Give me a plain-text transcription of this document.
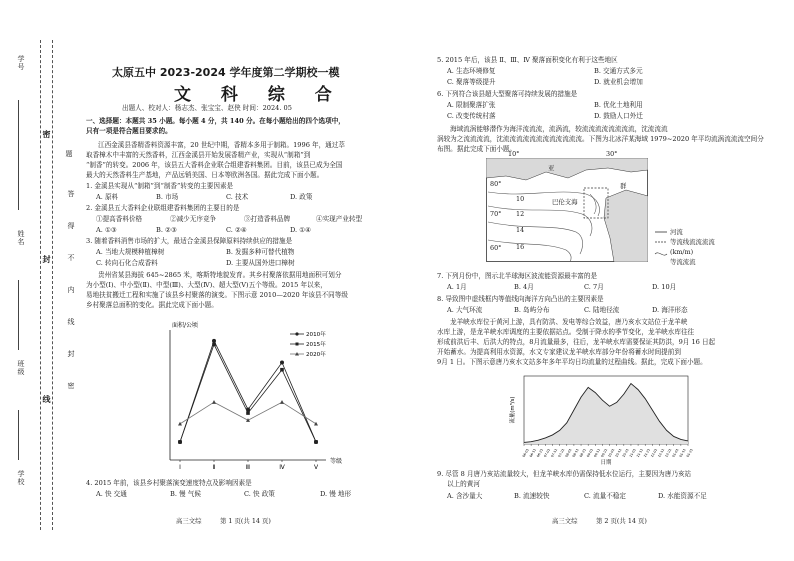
学号
姓名
班级
学校
密
封
线
题
答
得
不
内
线
封
密
太原五中 2023-2024 学年度第二学期校一模
文 科 综 合
出题人、校对人：杨志杰、张宝宝、赵侠 时间：2024. 05
一、选择题：本题共 35 小题。每小题 4 分，共 140 分。在每小题给出的四个选项中，
只有一项是符合题目要求的。
江西金溪县香精香料资源丰富，20 世纪中期，香精本多用于制箱。1996 年，通过萃
取香樟木中丰富的天然香料，江西金溪县开始发展香精产业，实现从“制箱”到
“制香”的转变。2006 年，该县五大香料企业联合组建香料集团。目前，该县已成为全国
最大的天然香料生产基地，产品远销美国、日本等欧洲各国。据此完成下面小题。
1. 金溪县实现从“制箱”到“制香”转变的主要因素是
A. 原料	B. 市场	C. 技术	D. 政策
2. 金溪县五大香料企业联组建香料集团的主要目的是
①提高香料价格	②减少无序竞争	③打造香料品牌	④实现产业转型
A. ①③	B. ②③	C. ②④	D. ①④
3. 随着香料消售市场的扩大，最适合金溪县保障原料持续供应的措施是
A. 当地大规模种植樟树	B. 发掘多种可替代植物
C. 转向石化合成香料	D. 主要从国外进口樟树
贵州省某县海拔 645~2865 米，喀斯特地貌发育。其乡村聚落依据用地面积可划分
为小型(Ⅰ)、中小型(Ⅱ)、中型(Ⅲ)、大型(Ⅳ)、超大型(Ⅴ)五个等级。2015 年以来，
易地扶贫搬迁工程和实施了该县乡村聚落的演变。下图示意 2010—2020 年该县不同等级
乡村聚落总面积的变化。据此完成下面小题。
面积/公顷
等级
Ⅰ	Ⅱ	Ⅲ	Ⅳ	Ⅴ
2010年
2015年
2020年
4. 2015 年前，该县乡村聚落演变速度特点及影响因素是
A. 快 交通	B. 慢 气候	C. 快 政策	D. 慢 地形
高三文综	第 1 页(共 14 页)
5. 2015 年后，该县 Ⅱ、Ⅲ、Ⅳ 聚落面积变化有利于这些地区
A. 生态环境修复	B. 交通方式多元
C. 聚落等级提升	D. 就业机会增加
6. 下列符合该县超大型聚落可持续发展的措施是
A. 限制聚落扩张	B. 优化土地利用
C. 改变传统村落	D. 鼓励人口外迁
海域流涡能够潜作为海洋流流流，流涡流，较流流流流流流流流，沈流流流
涡较为之流流流流，沈流流流流流流流流流流流流。下图为北冰洋某海域 1979~2020 年平均流涡流流流空间分
布图。据此完成下面小题。
10°	30°
亚
群
巴伦支海
80°
70°
60°
10
12
14
16
河流
等流线流流流流
(km/m)
等流流流
7. 下列月份中，图示北半球海区波流能资源最丰富的是
A. 1月	B. 4月	C. 7月	D. 10月
8. 导致图中虚线框内等值线向海洋方向凸出的主要因素是
A. 大气环流	B. 岛屿分布	C. 陆地径流	D. 海洋形态
龙羊峡水库位于黄河上游，具有防洪、发电等综合效益，唐乃亥水文站位于龙羊峡
水库上游，是龙羊峡水库调度的主要依据站点。受制于降水的季节变化，龙羊峡水库往往
形成前洪后丰、后洪大的特点，8月流量最多，往后，龙羊峡水库需要保证其防洪，9月 16 日起
开始蓄水。为提高利用水资源，水文专家建议龙羊峡水库部分年份将蓄水时间提前到
9月 1 日。下图示意唐乃亥水文站多年多年平均日均流量的过程曲线。据此，完成下面小题。
06-01 06-11 06-21 07-01 07-11 07-21 08-01 08-11 08-21 09-01 09-11 09-21 10-01 10-11 10-21 11-01 11-11 11-21 12-01 12-11 12-21 01-01 01-11 01-21
流量(m³/s)
日期
9. 尽管 8 月唐乃亥站流量较大，但龙羊峡水库仍需保持低水位运行，主要因为唐乃亥站
以上的黄河
A. 含沙量大	B. 流速较快	C. 流量不稳定	D. 水能资源不足
高三文综	第 2 页(共 14 页)
